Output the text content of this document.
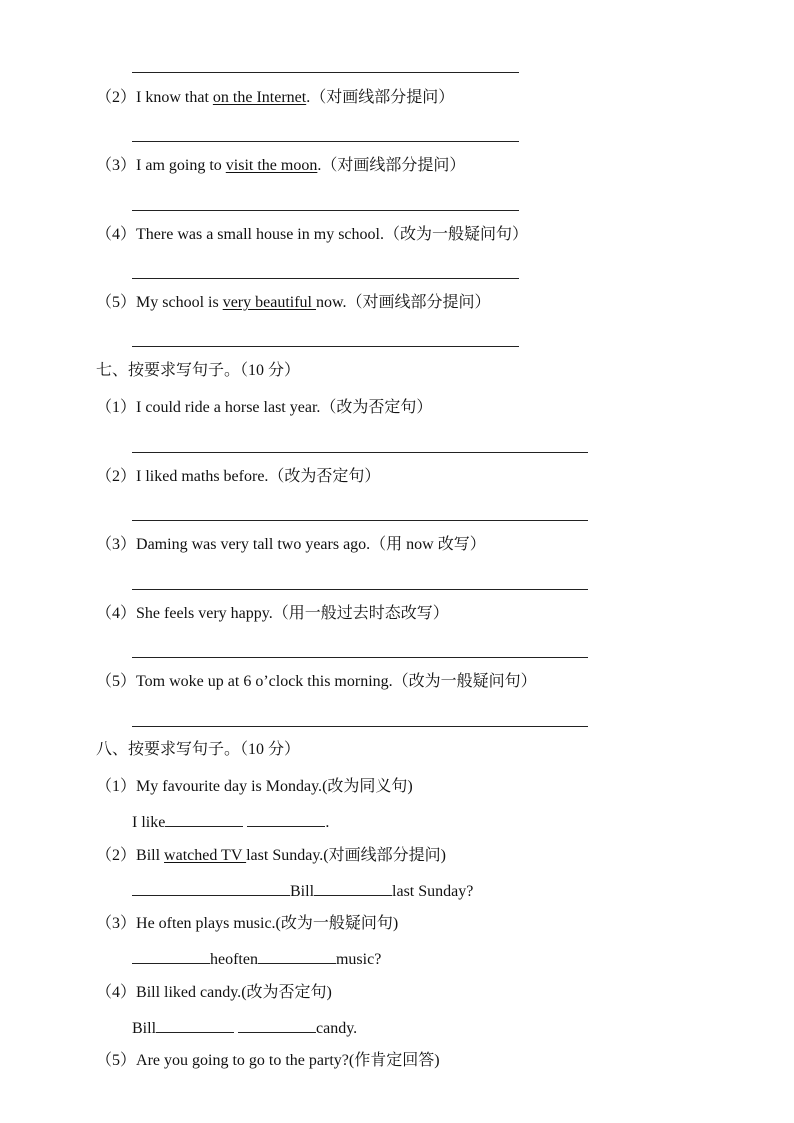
（2）I know that on the Internet.（对画线部分提问）
（3）I am going to visit the moon.（对画线部分提问）
（4）There was a small house in my school.（改为一般疑问句）
（5）My school is very beautiful now.（对画线部分提问）
七、按要求写句子。（10 分）
（1）I could ride a horse last year.（改为否定句）
（2）I liked maths before.（改为否定句）
（3）Daming was very tall two years ago.（用 now 改写）
（4）She feels very happy.（用一般过去时态改写）
（5）Tom woke up at 6 o’clock this morning.（改为一般疑问句）
八、按要求写句子。（10 分）
（1）My favourite day is Monday.(改为同义句)
I like	.
（2）Bill watched TV last Sunday.(对画线部分提问)
Bill	last Sunday?
（3）He often plays music.(改为一般疑问句)
heoften	music?
（4）Bill liked candy.(改为否定句)
Bill	candy.
（5）Are you going to go to the party?(作肯定回答)
